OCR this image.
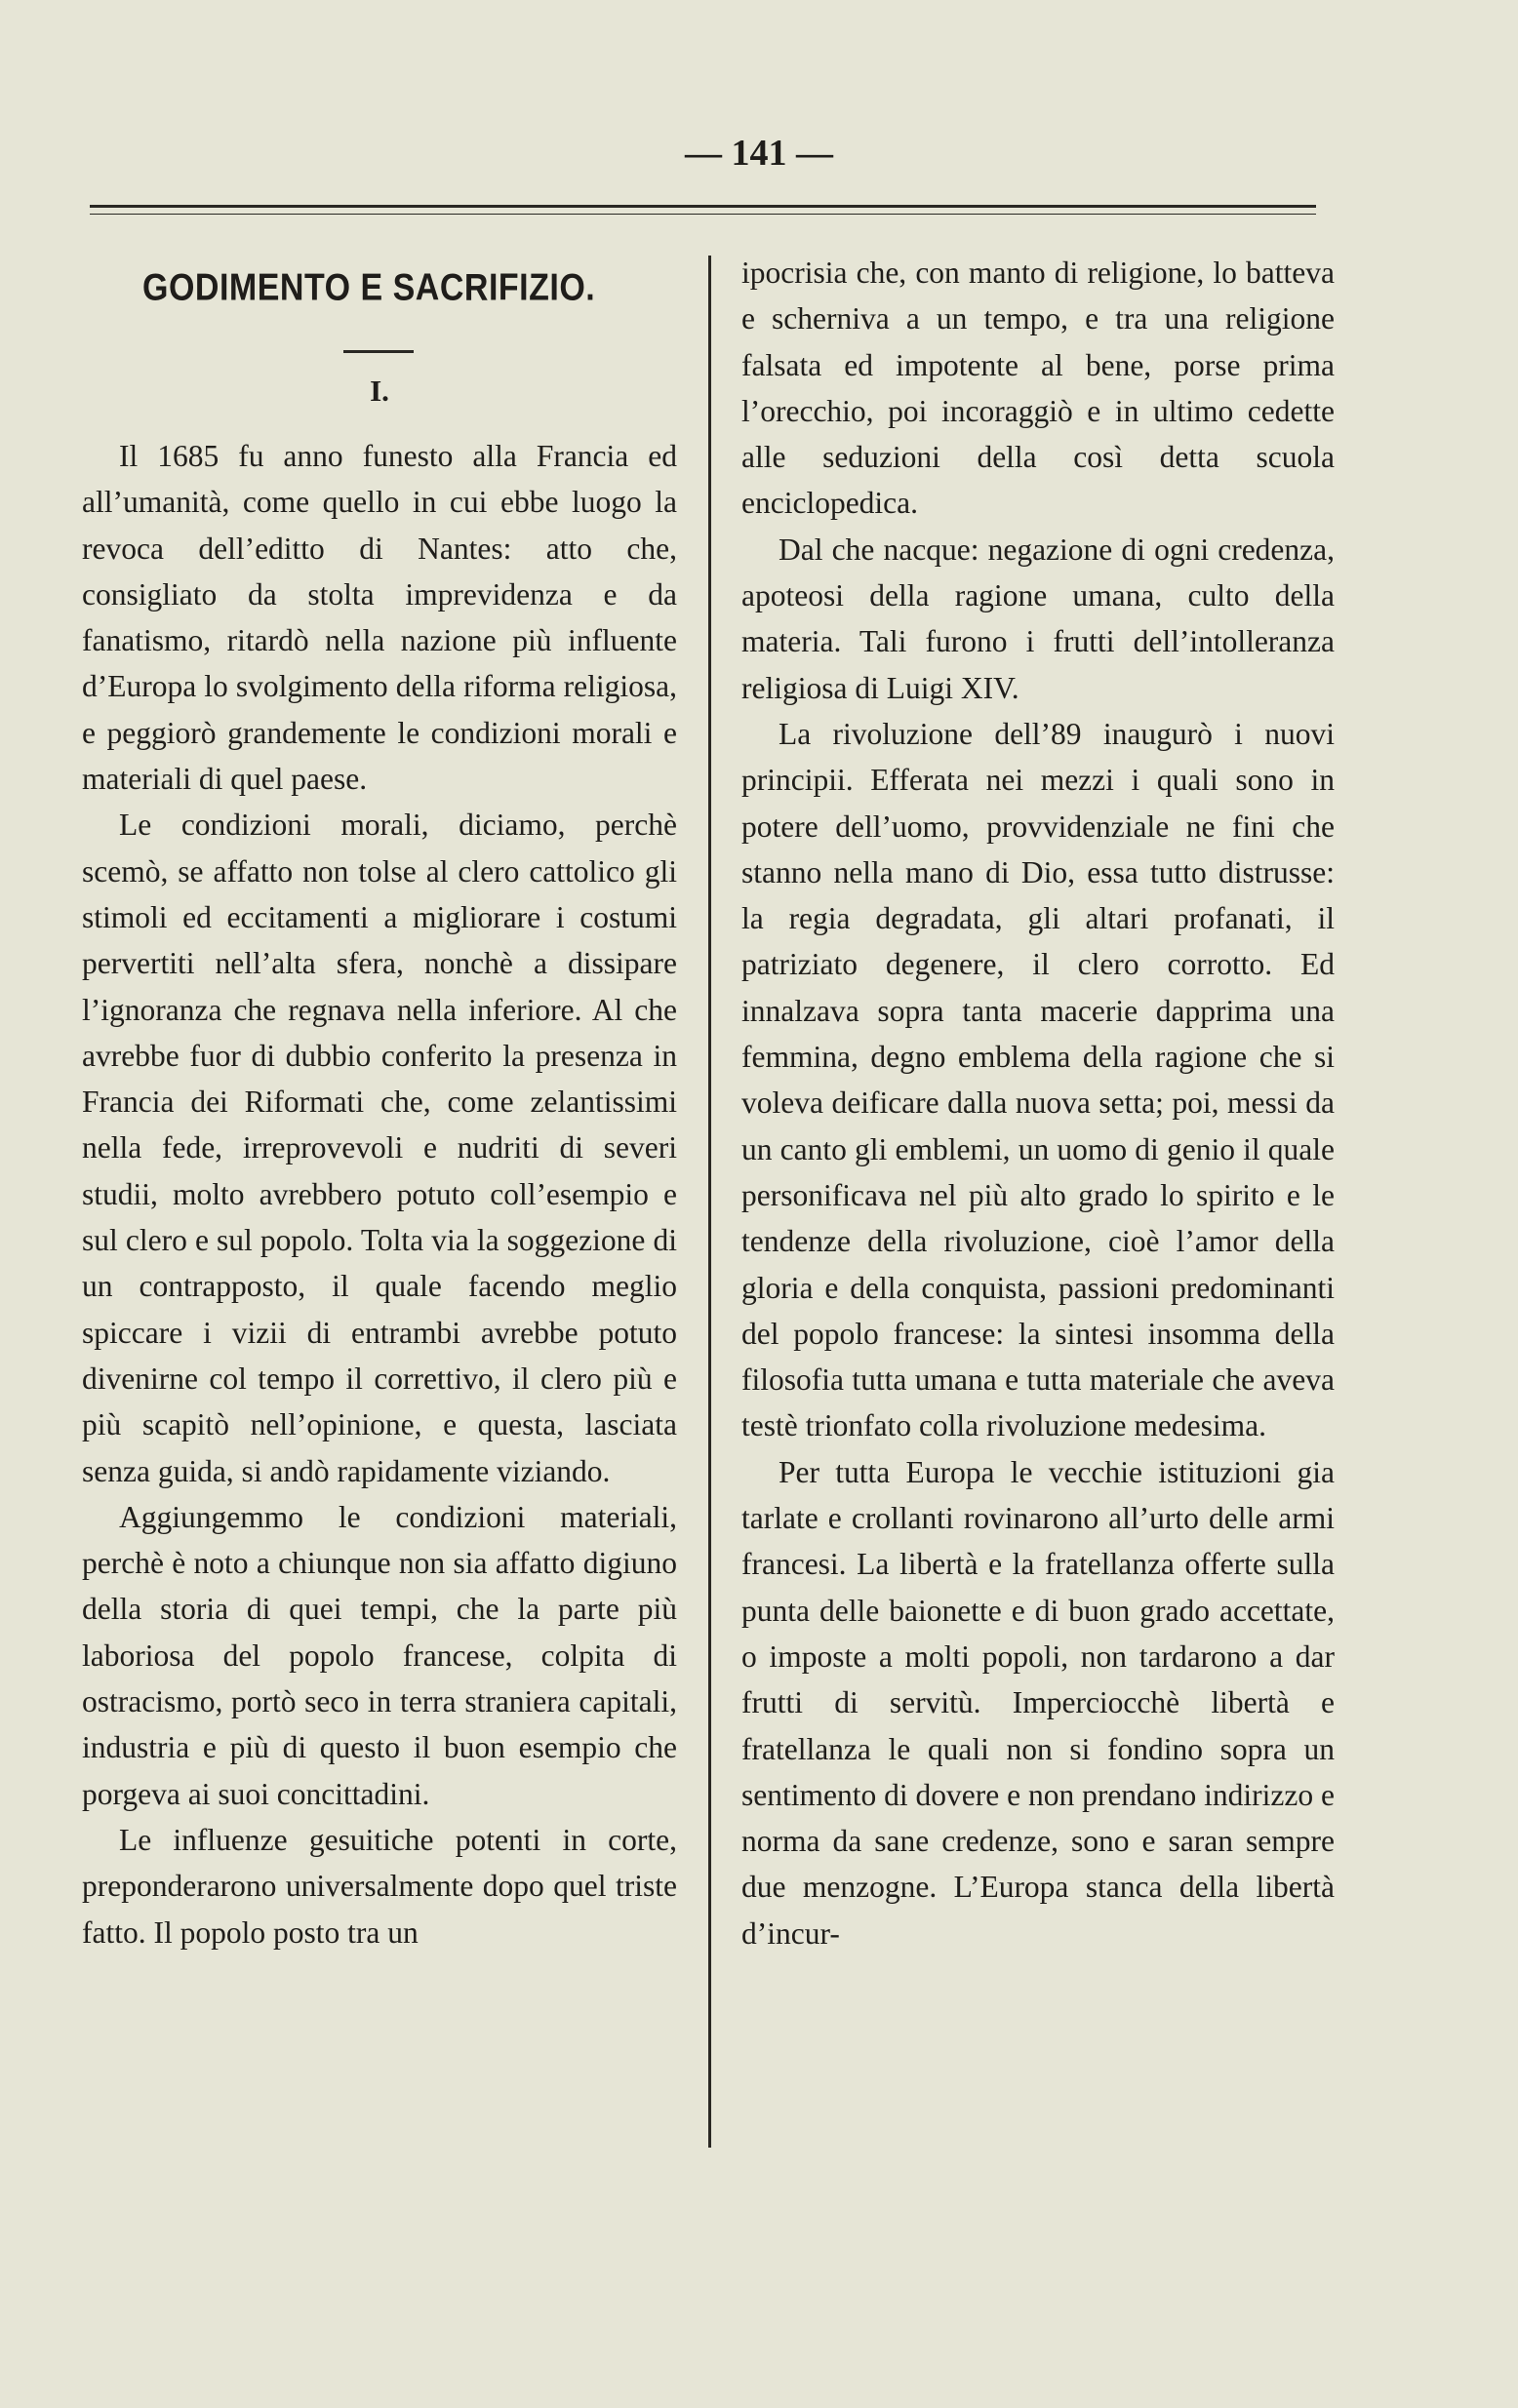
— 141 —
GODIMENTO E SACRIFIZIO.
I.

Il 1685 fu anno funesto alla Francia ed all’umanità, come quello in cui ebbe luogo la revoca dell’editto di Nantes: atto che, consigliato da stolta imprevidenza e da fanatismo, ritardò nella nazione più influente d’Europa lo svolgimento della riforma religiosa, e peggiorò grandemente le condizioni morali e materiali di quel paese.

Le condizioni morali, diciamo, perchè scemò, se affatto non tolse al clero cattolico gli stimoli ed eccitamenti a migliorare i costumi pervertiti nell’alta sfera, nonchè a dissipare l’ignoranza che regnava nella inferiore. Al che avrebbe fuor di dubbio conferito la presenza in Francia dei Riformati che, come zelantissimi nella fede, irreprovevoli e nudriti di severi studii, molto avrebbero potuto coll’esempio e sul clero e sul popolo. Tolta via la soggezione di un contrapposto, il quale facendo meglio spiccare i vizii di entrambi avrebbe potuto divenirne col tempo il correttivo, il clero più e più scapitò nell’opinione, e questa, lasciata senza guida, si andò rapidamente viziando.

Aggiungemmo le condizioni materiali, perchè è noto a chiunque non sia affatto digiuno della storia di quei tempi, che la parte più laboriosa del popolo francese, colpita di ostracismo, portò seco in terra straniera capitali, industria e più di questo il buon esempio che porgeva ai suoi concittadini.

Le influenze gesuitiche potenti in corte, preponderarono universalmente dopo quel triste fatto. Il popolo posto tra un

ipocrisia che, con manto di religione, lo batteva e scherniva a un tempo, e tra una religione falsata ed impotente al bene, porse prima l’orecchio, poi incoraggiò e in ultimo cedette alle seduzioni della così detta scuola enciclopedica.

Dal che nacque: negazione di ogni credenza, apoteosi della ragione umana, culto della materia. Tali furono i frutti dell’intolleranza religiosa di Luigi XIV.

La rivoluzione dell’89 inaugurò i nuovi principii. Efferata nei mezzi i quali sono in potere dell’uomo, provvidenziale ne fini che stanno nella mano di Dio, essa tutto distrusse: la regia degradata, gli altari profanati, il patriziato degenere, il clero corrotto. Ed innalzava sopra tanta macerie dapprima una femmina, degno emblema della ragione che si voleva deificare dalla nuova setta; poi, messi da un canto gli emblemi, un uomo di genio il quale personificava nel più alto grado lo spirito e le tendenze della rivoluzione, cioè l’amor della gloria e della conquista, passioni predominanti del popolo francese: la sintesi insomma della filosofia tutta umana e tutta materiale che aveva testè trionfato colla rivoluzione medesima.

Per tutta Europa le vecchie istituzioni gia tarlate e crollanti rovinarono all’urto delle armi francesi. La libertà e la fratellanza offerte sulla punta delle baionette e di buon grado accettate, o imposte a molti popoli, non tardarono a dar frutti di servitù. Imperciocchè libertà e fratellanza le quali non si fondino sopra un sentimento di dovere e non prendano indirizzo e norma da sane credenze, sono e saran sempre due menzogne. L’Europa stanca della libertà d’incur-
